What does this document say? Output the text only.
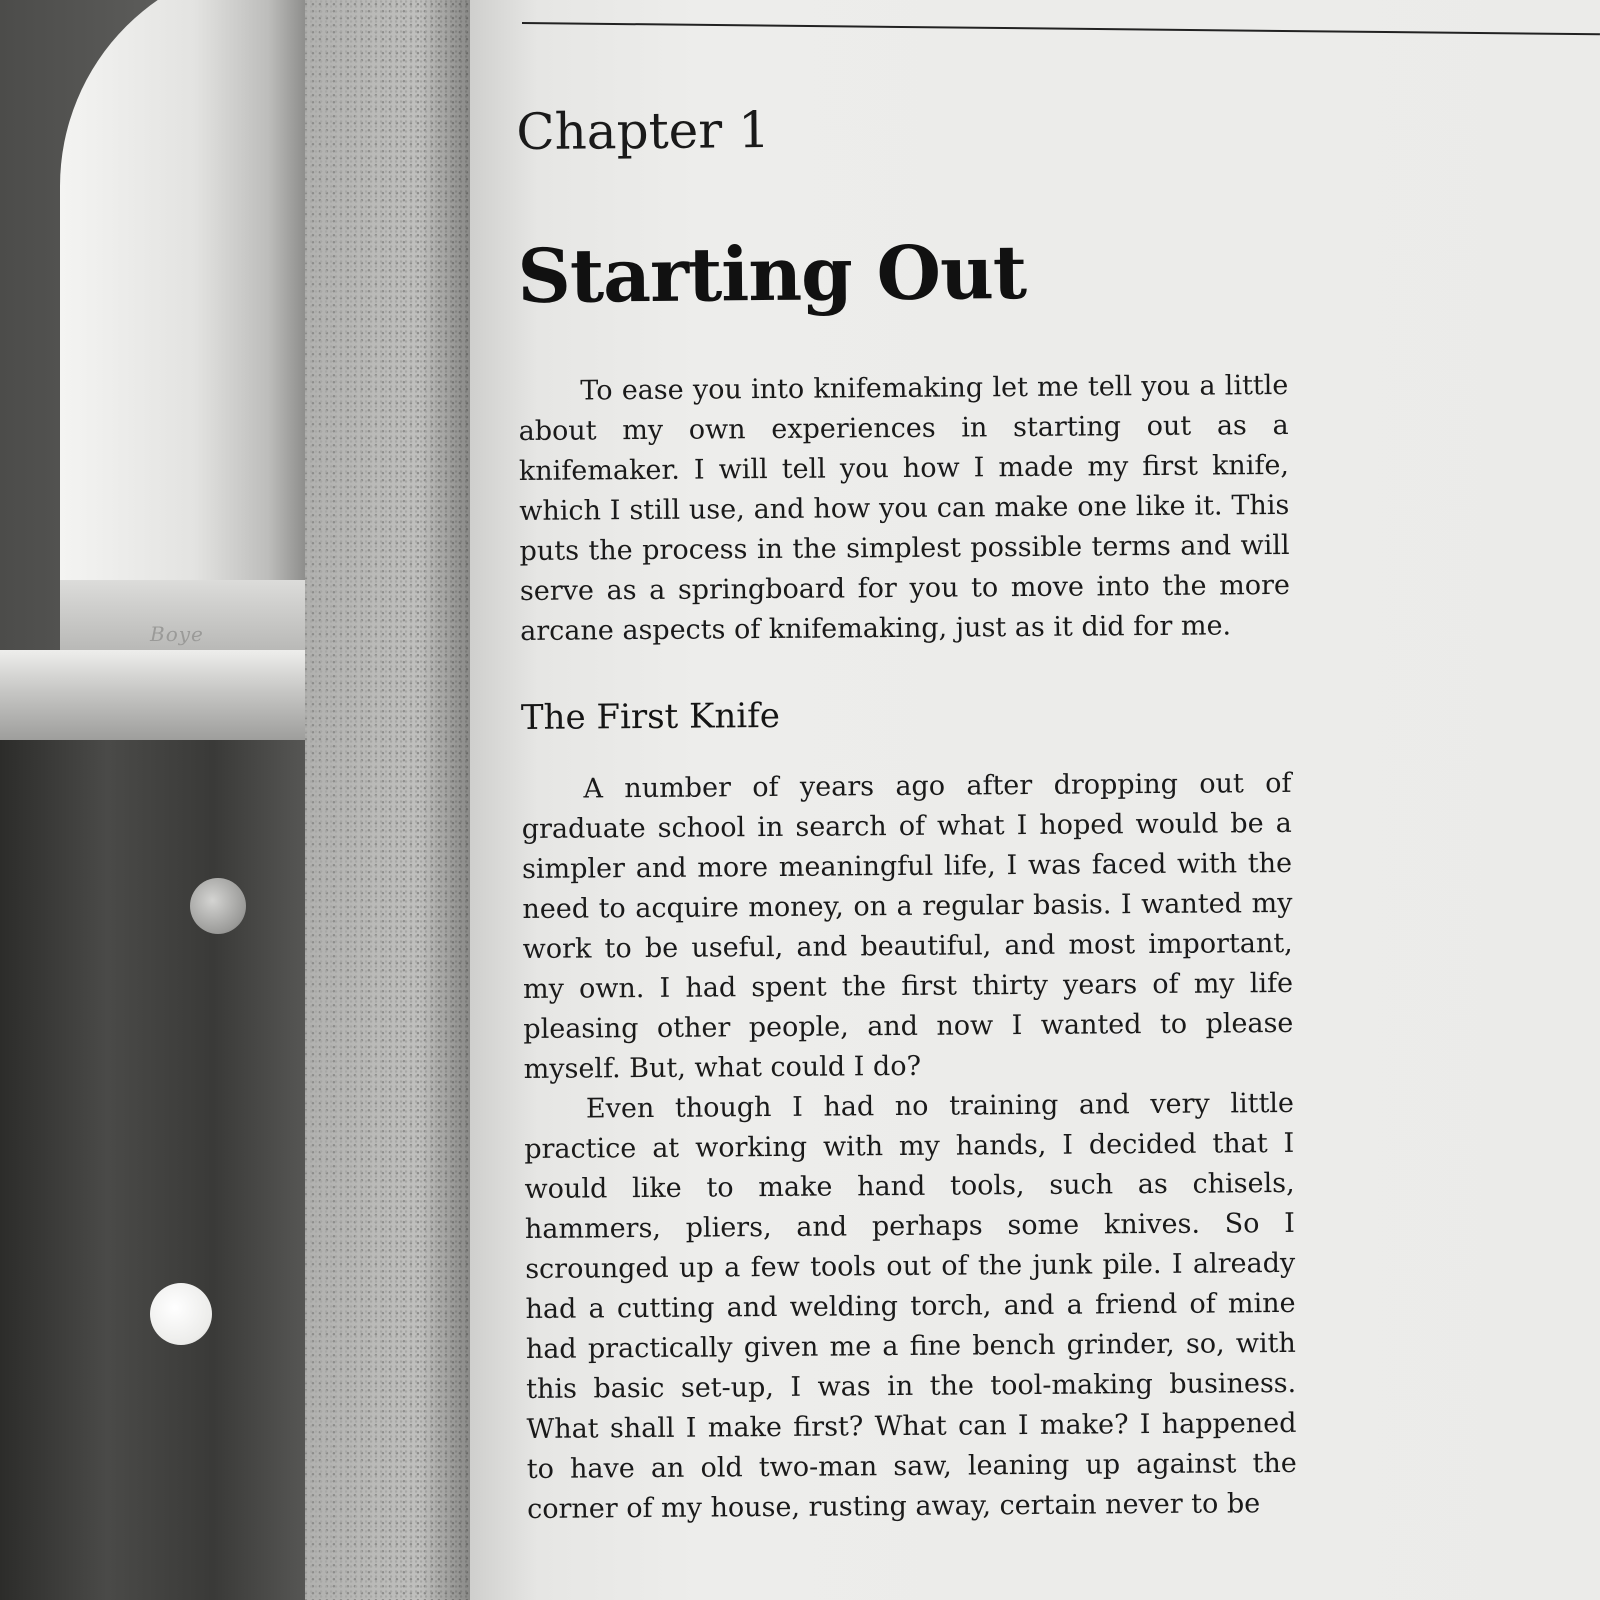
Boye
Chapter 1
Starting Out

To ease you into knifemaking let me tell you a little about my own experiences in starting out as a knifemaker. I will tell you how I made my first knife, which I still use, and how you can make one like it. This puts the process in the simplest possible terms and will serve as a springboard for you to move into the more arcane aspects of knifemaking, just as it did for me.

The First Knife

A number of years ago after dropping out of graduate school in search of what I hoped would be a simpler and more meaningful life, I was faced with the need to acquire money, on a regular basis. I wanted my work to be useful, and beautiful, and most important, my own. I had spent the first thirty years of my life pleasing other people, and now I wanted to please myself. But, what could I do?

Even though I had no training and very little practice at working with my hands, I decided that I would like to make hand tools, such as chisels, hammers, pliers, and perhaps some knives. So I scrounged up a few tools out of the junk pile. I already had a cutting and welding torch, and a friend of mine had practically given me a fine bench grinder, so, with this basic set-up, I was in the tool-making business. What shall I make first? What can I make? I happened to have an old two-man saw, leaning up against the corner of my house, rusting away, certain never to be
